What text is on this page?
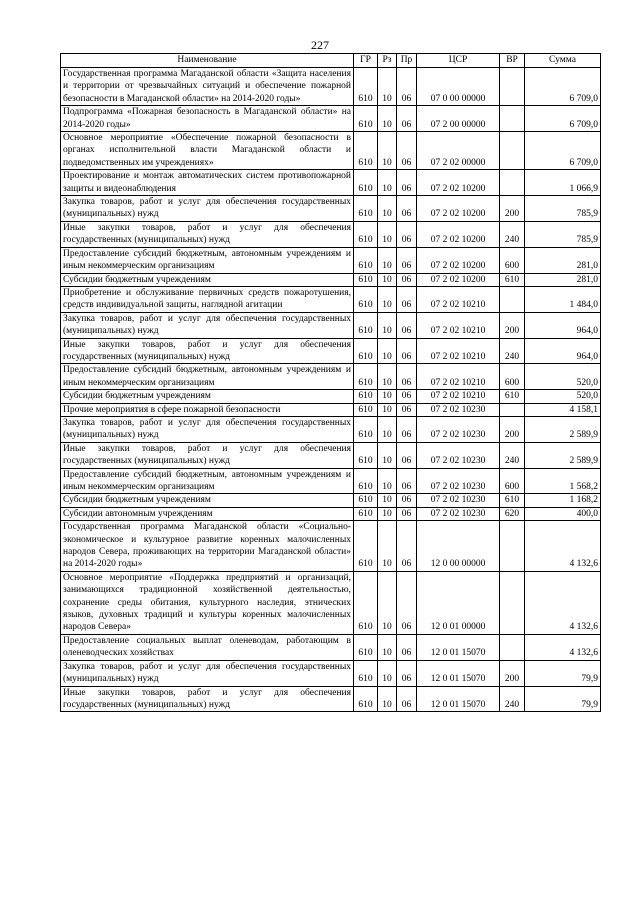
227
Наименование	ГР	Рз	Пр	ЦСР	ВР	Сумма
Государственная программа Магаданской области «Защита населения и территории от чрезвычайных ситуаций и обеспечение пожарной безопасности в Магаданской области» на 2014-2020 годы»	610	10	06	07 0 00 00000		6 709,0
Подпрограмма «Пожарная безопасность в Магаданской области» на 2014-2020 годы»	610	10	06	07 2 00 00000		6 709,0
Основное мероприятие «Обеспечение пожарной безопасности в органах исполнительной власти Магаданской области и подведомственных им учреждениях»	610	10	06	07 2 02 00000		6 709,0
Проектирование и монтаж автоматических систем противопожарной защиты и видеонаблюдения	610	10	06	07 2 02 10200		1 066,9
Закупка товаров, работ и услуг для обеспечения государственных (муниципальных) нужд	610	10	06	07 2 02 10200	200	785,9
Иные закупки товаров, работ и услуг для обеспечения государственных (муниципальных) нужд	610	10	06	07 2 02 10200	240	785,9
Предоставление субсидий бюджетным, автономным учреждениям и иным некоммерческим организациям	610	10	06	07 2 02 10200	600	281,0
Субсидии бюджетным учреждениям	610	10	06	07 2 02 10200	610	281,0
Приобретение и обслуживание первичных средств пожаротушения, средств индивидуальной защиты, наглядной агитации	610	10	06	07 2 02 10210		1 484,0
Закупка товаров, работ и услуг для обеспечения государственных (муниципальных) нужд	610	10	06	07 2 02 10210	200	964,0
Иные закупки товаров, работ и услуг для обеспечения государственных (муниципальных) нужд	610	10	06	07 2 02 10210	240	964,0
Предоставление субсидий бюджетным, автономным учреждениям и иным некоммерческим организациям	610	10	06	07 2 02 10210	600	520,0
Субсидии бюджетным учреждениям	610	10	06	07 2 02 10210	610	520,0
Прочие мероприятия в сфере пожарной безопасности	610	10	06	07 2 02 10230		4 158,1
Закупка товаров, работ и услуг для обеспечения государственных (муниципальных) нужд	610	10	06	07 2 02 10230	200	2 589,9
Иные закупки товаров, работ и услуг для обеспечения государственных (муниципальных) нужд	610	10	06	07 2 02 10230	240	2 589,9
Предоставление субсидий бюджетным, автономным учреждениям и иным некоммерческим организациям	610	10	06	07 2 02 10230	600	1 568,2
Субсидии бюджетным учреждениям	610	10	06	07 2 02 10230	610	1 168,2
Субсидии автономным учреждениям	610	10	06	07 2 02 10230	620	400,0
Государственная программа Магаданской области «Социально-экономическое и культурное развитие коренных малочисленных народов Севера, проживающих на территории Магаданской области» на 2014-2020 годы»	610	10	06	12 0 00 00000		4 132,6
Основное мероприятие «Поддержка предприятий и организаций, занимающихся традиционной хозяйственной деятельностью, сохранение среды обитания, культурного наследия, этнических языков, духовных традиций и культуры коренных малочисленных народов Севера»	610	10	06	12 0 01 00000		4 132,6
Предоставление социальных выплат оленеводам, работающим в оленеводческих хозяйствах	610	10	06	12 0 01 15070		4 132,6
Закупка товаров, работ и услуг для обеспечения государственных (муниципальных) нужд	610	10	06	12 0 01 15070	200	79,9
Иные закупки товаров, работ и услуг для обеспечения государственных (муниципальных) нужд	610	10	06	12 0 01 15070	240	79,9
